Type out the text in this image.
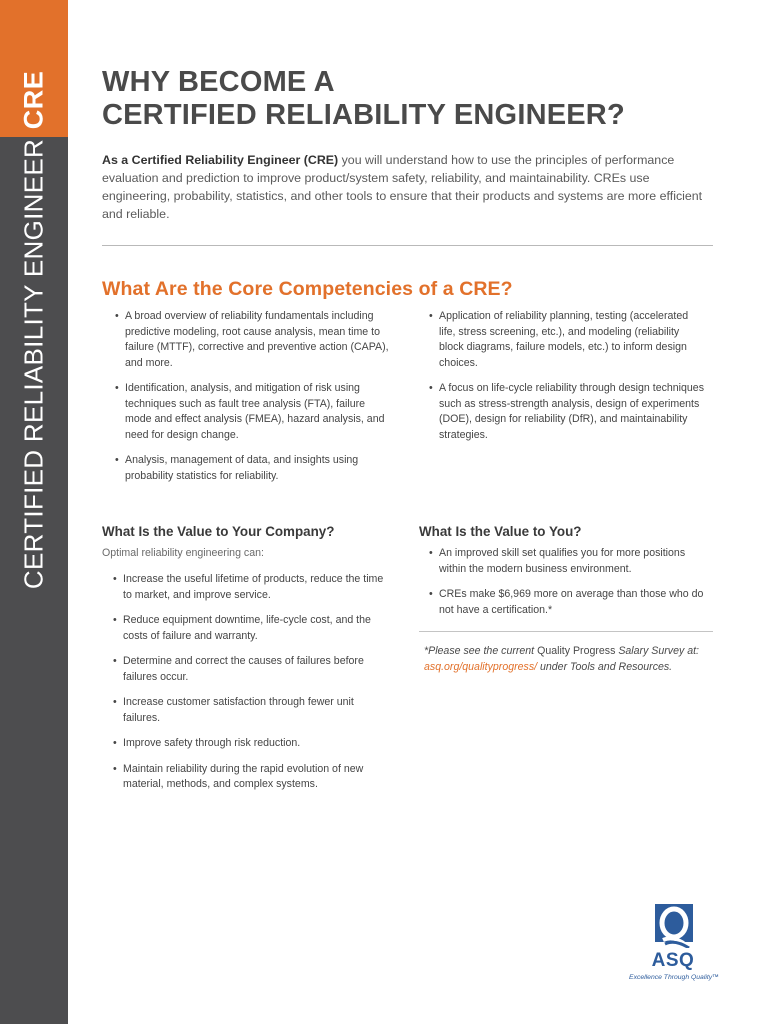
CRE
CERTIFIED RELIABILITY ENGINEER
WHY BECOME A
CERTIFIED RELIABILITY ENGINEER?

As a Certified Reliability Engineer (CRE) you will understand how to use the principles of performance evaluation and prediction to improve product/system safety, reliability, and maintainability. CREs use engineering, probability, statistics, and other tools to ensure that their products and systems are more efficient and reliable.

What Are the Core Competencies of a CRE?
• A broad overview of reliability fundamentals including predictive modeling, root cause analysis, mean time to failure (MTTF), corrective and preventive action (CAPA), and more.
• Identification, analysis, and mitigation of risk using techniques such as fault tree analysis (FTA), failure mode and effect analysis (FMEA), hazard analysis, and need for design change.
• Analysis, management of data, and insights using probability statistics for reliability.
• Application of reliability planning, testing (accelerated life, stress screening, etc.), and modeling (reliability block diagrams, failure models, etc.) to inform design choices.
• A focus on life-cycle reliability through design techniques such as stress-strength analysis, design of experiments (DOE), design for reliability (DfR), and maintainability strategies.
What Is the Value to Your Company?

Optimal reliability engineering can:

• Increase the useful lifetime of products, reduce the time to market, and improve service.
• Reduce equipment downtime, life-cycle cost, and the costs of failure and warranty.
• Determine and correct the causes of failures before failures occur.
• Increase customer satisfaction through fewer unit failures.
• Improve safety through risk reduction.
• Maintain reliability during the rapid evolution of new material, methods, and complex systems.
What Is the Value to You?
• An improved skill set qualifies you for more positions within the modern business environment.
• CREs make $6,969 more on average than those who do not have a certification.*

*Please see the current Quality Progress Salary Survey at:
asq.org/qualityprogress/ under Tools and Resources.

ASQ
Excellence Through Quality™
